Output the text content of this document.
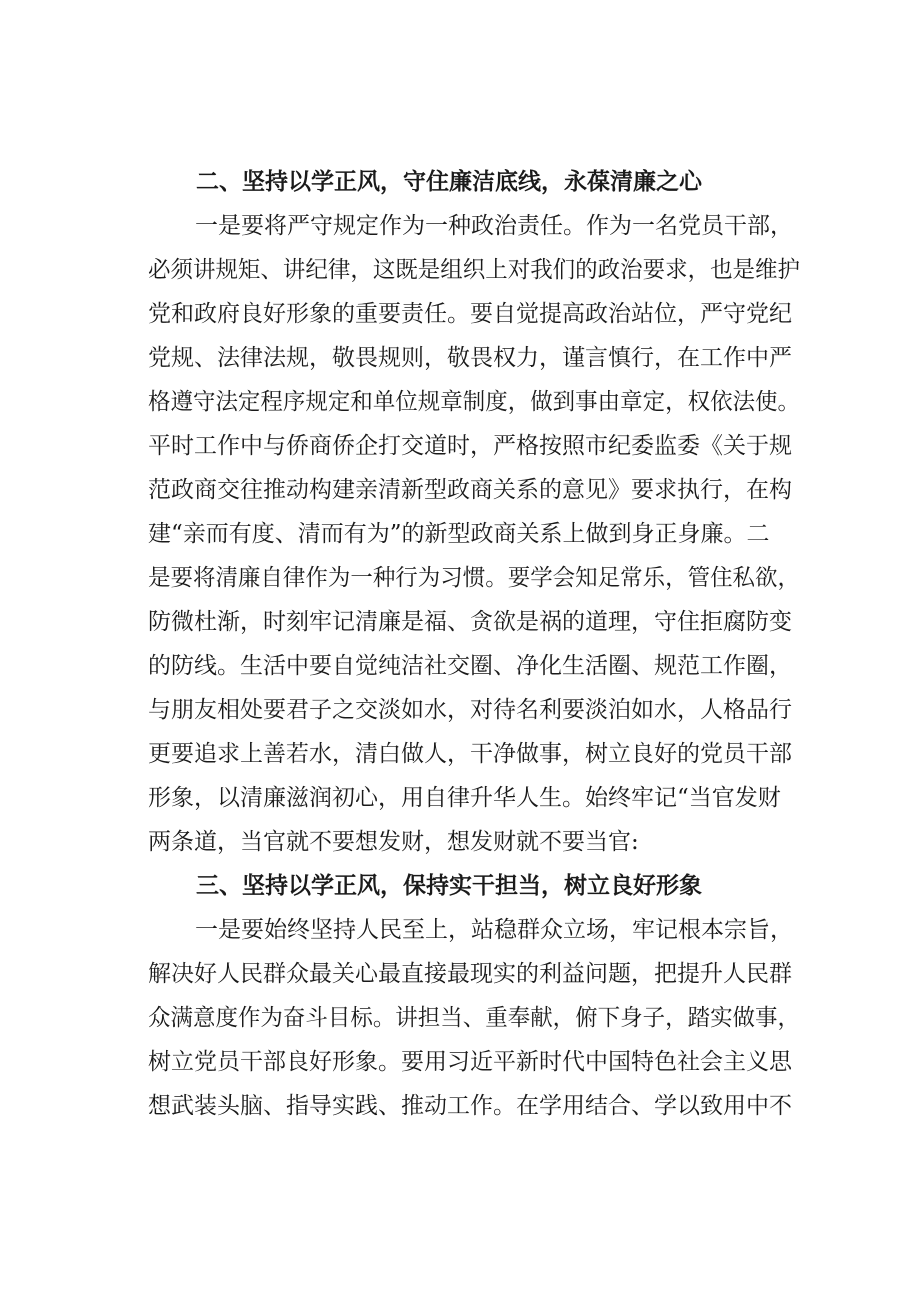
二、坚持以学正风，守住廉洁底线，永葆清廉之心
一是要将严守规定作为一种政治责任。作为一名党员干部，
必须讲规矩、讲纪律，这既是组织上对我们的政治要求，也是维护
党和政府良好形象的重要责任。要自觉提高政治站位，严守党纪
党规、法律法规，敬畏规则，敬畏权力，谨言慎行，在工作中严
格遵守法定程序规定和单位规章制度，做到事由章定，权依法使。
平时工作中与侨商侨企打交道时，严格按照市纪委监委《关于规
范政商交往推动构建亲清新型政商关系的意见》要求执行，在构
建“亲而有度、清而有为”的新型政商关系上做到身正身廉。二
是要将清廉自律作为一种行为习惯。要学会知足常乐，管住私欲，
防微杜渐，时刻牢记清廉是福、贪欲是祸的道理，守住拒腐防变
的防线。生活中要自觉纯洁社交圈、净化生活圈、规范工作圈，
与朋友相处要君子之交淡如水，对待名利要淡泊如水，人格品行
更要追求上善若水，清白做人，干净做事，树立良好的党员干部
形象，以清廉滋润初心，用自律升华人生。始终牢记“当官发财
两条道，当官就不要想发财，想发财就不要当官:
三、坚持以学正风，保持实干担当，树立良好形象
一是要始终坚持人民至上，站稳群众立场，牢记根本宗旨，
解决好人民群众最关心最直接最现实的利益问题，把提升人民群
众满意度作为奋斗目标。讲担当、重奉献，俯下身子，踏实做事，
树立党员干部良好形象。要用习近平新时代中国特色社会主义思
想武装头脑、指导实践、推动工作。在学用结合、学以致用中不
